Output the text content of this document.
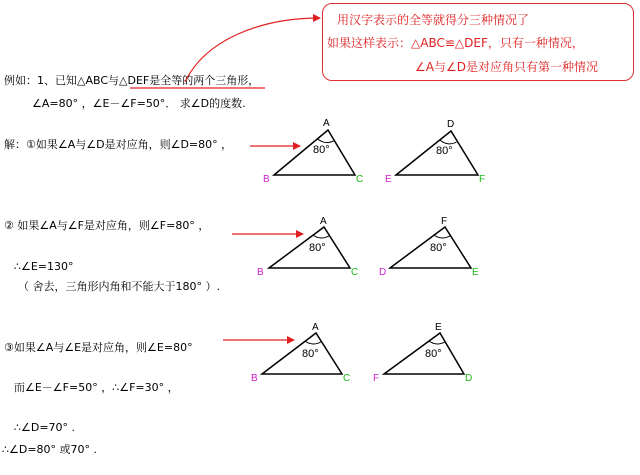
用汉字表示的全等就得分三种情况了
如果这样表示：△ABC≌△DEF，只有一种情况，
∠A与∠D是对应角只有第一种情况
例如：1、已知△ABC与△DEF是全等的两个三角形，
∠A=80° ，∠E－∠F=50°． 求∠D的度数.
解：①如果∠A与∠D是对应角，则∠D=80° ，
② 如果∠A与∠F是对应角，则∠F=80° ，
∴∠E=130°
（ 舍去，三角形内角和不能大于180° ）.
③如果∠A与∠E是对应角，则∠E=80°
而∠E－∠F=50° ，∴∠F=30° ，
∴∠D=70° .
∴∠D=80° 或70° .
A
B
80°
C
D
E
80°
F
A
B
80°
C
F
D
80°
E
A
B
80°
C
E
F
80°
D
